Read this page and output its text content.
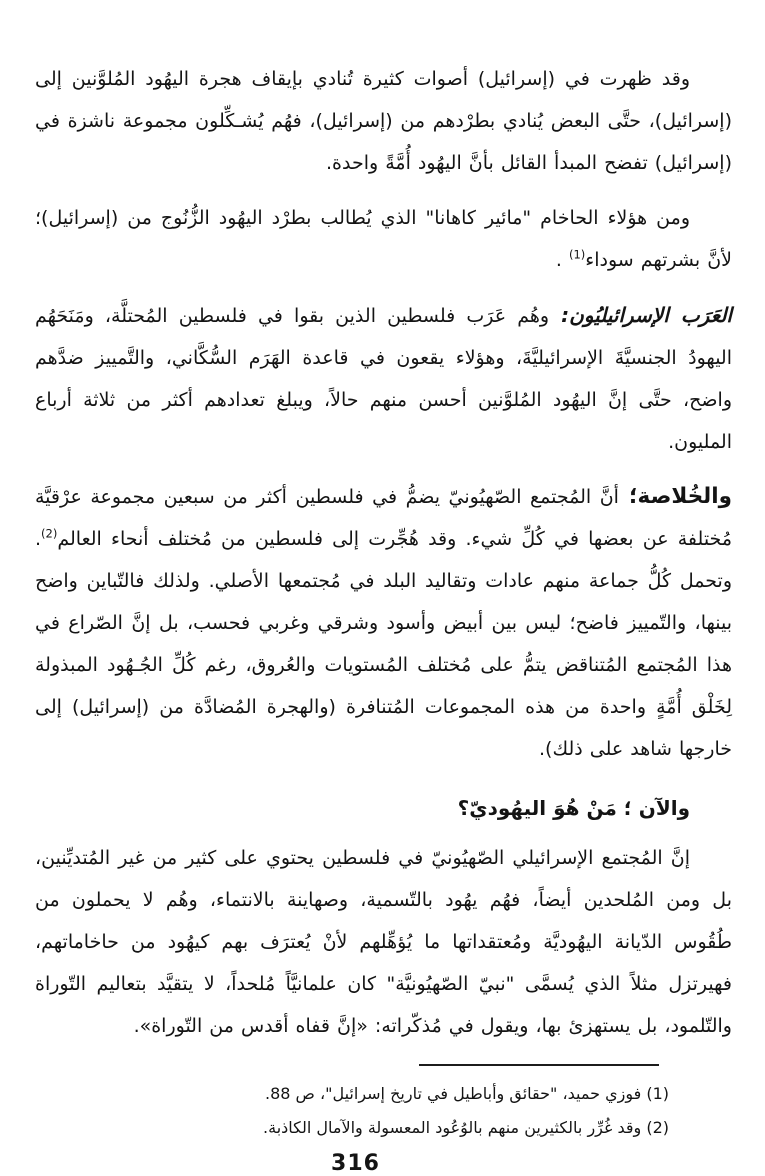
وقد ظهرت في (إسرائيل) أصوات كثيرة تُنادي بإيقاف هجرة اليهُود المُلوَّنين إلى (إسرائيل)، حتَّى البعض يُنادي بطرْدهم من (إسرائيل)، فهُم يُشـكِّلون مجموعة ناشزة في (إسرائيل) تفضح المبدأ القائل بأنَّ اليهُود أُمَّةً واحدة.

ومن هؤلاء الحاخام "مائير كاهانا" الذي يُطالب بطرْد اليهُود الزُّنُوج من (إسرائيل)؛ لأنَّ بشرتهم سوداء$^{(1)}$ .

العَرَب الإسرائيليُون: وهُم عَرَب فلسطين الذين بقوا في فلسطين المُحتلَّة، ومَنَحَهُم اليهودُ الجنسيَّةَ الإسرائيليَّةَ، وهؤلاء يقعون في قاعدة الهَرَم السُّكَّاني، والتَّمييز ضدَّهم واضح، حتَّى إنَّ اليهُود المُلوَّنين أحسن منهم حالاً، ويبلغ تعدادهم أكثر من ثلاثة أرباع المليون.

والخُلاصة؛ أنَّ المُجتمع الصّهيُونيّ يضمُّ في فلسطين أكثر من سبعين مجموعة عرْقيَّة مُختلفة عن بعضها في كُلِّ شيء. وقد هُجِّرت إلى فلسطين من مُختلف أنحاء العالم$^{(2)}$. وتحمل كُلُّ جماعة منهم عادات وتقاليد البلد في مُجتمعها الأصلي. ولذلك فالتّباين واضح بينها، والتّمييز فاضح؛ ليس بين أبيض وأسود وشرقي وغربي فحسب، بل إنَّ الصّراع في هذا المُجتمع المُتناقض يتمُّ على مُختلف المُستويات والعُروق، رغم كُلِّ الجُـهُود المبذولة لِخَلْق أُمَّةٍ واحدة من هذه المجموعات المُتنافرة (والهجرة المُضادَّة من (إسرائيل) إلى خارجها شاهد على ذلك).

والآن ؛ مَنْ هُوَ اليهُوديّ؟

إنَّ المُجتمع الإسرائيلي الصّهيُونيّ في فلسطين يحتوي على كثير من غير المُتديِّنين، بل ومن المُلحدين أيضاً، فهُم يهُود بالتّسمية، وصهاينة بالانتماء، وهُم لا يحملون من طُقُوس الدّيانة اليهُوديَّة ومُعتقداتها ما يُؤهِّلهم لأنْ يُعترَف بهم كيهُود من حاخاماتهم، فهيرتزل مثلاً الذي يُسمَّى "نبيّ الصّهيُونيَّة" كان علمانيَّاً مُلحداً، لا يتقيَّد بتعاليم التّوراة والتّلمود، بل يستهزئ بها، ويقول في مُذكّراته: «إنَّ قفاه أقدس من التّوراة».

(1) فوزي حميد، "حقائق وأباطيل في تاريخ إسرائيل"، ص 88.
(2) وقد غُرِّر بالكثيرين منهم بالوُعُود المعسولة والآمال الكاذبة.
316
